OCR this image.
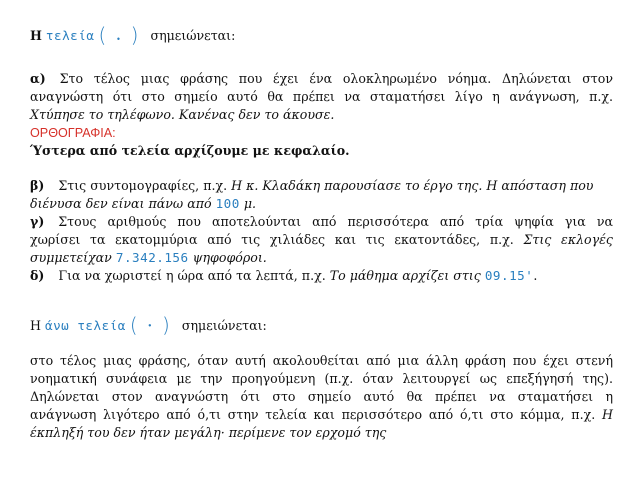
Η τελεία ( . ) σημειώνεται:
α) Στο τέλος μιας φράσης που έχει ένα ολοκληρωμένο νόημα. Δηλώνεται στον
αναγνώστη ότι στο σημείο αυτό θα πρέπει να σταματήσει λίγο η ανάγνωση, π.χ.
Χτύπησε το τηλέφωνο. Κανένας δεν το άκουσε.
ΟΡΘΟΓΡΑΦΙΑ:
Ύστερα από τελεία αρχίζουμε με κεφαλαίο.
β) Στις συντομογραφίες, π.χ. Η κ. Κλαδάκη παρουσίασε το έργο της. Η απόσταση που
διένυσα δεν είναι πάνω από 100 μ.
γ) Στους αριθμούς που αποτελούνται από περισσότερα από τρία ψηφία για να
χωρίσει τα εκατομμύρια από τις χιλιάδες και τις εκατοντάδες, π.χ. Στις εκλογές
συμμετείχαν 7.342.156 ψηφοφόροι.
δ) Για να χωριστεί η ώρα από τα λεπτά, π.χ. Το μάθημα αρχίζει στις 09.15'.
Η άνω τελεία ( · ) σημειώνεται:
στο τέλος μιας φράσης, όταν αυτή ακολουθείται από μια άλλη φράση που έχει στενή
νοηματική συνάφεια με την προηγούμενη (π.χ. όταν λειτουργεί ως επεξήγησή της).
Δηλώνεται στον αναγνώστη ότι στο σημείο αυτό θα πρέπει να σταματήσει η
ανάγνωση λιγότερο από ό,τι στην τελεία και περισσότερο από ό,τι στο κόμμα, π.χ. Η
έκπληξή του δεν ήταν μεγάλη· περίμενε τον ερχομό της
